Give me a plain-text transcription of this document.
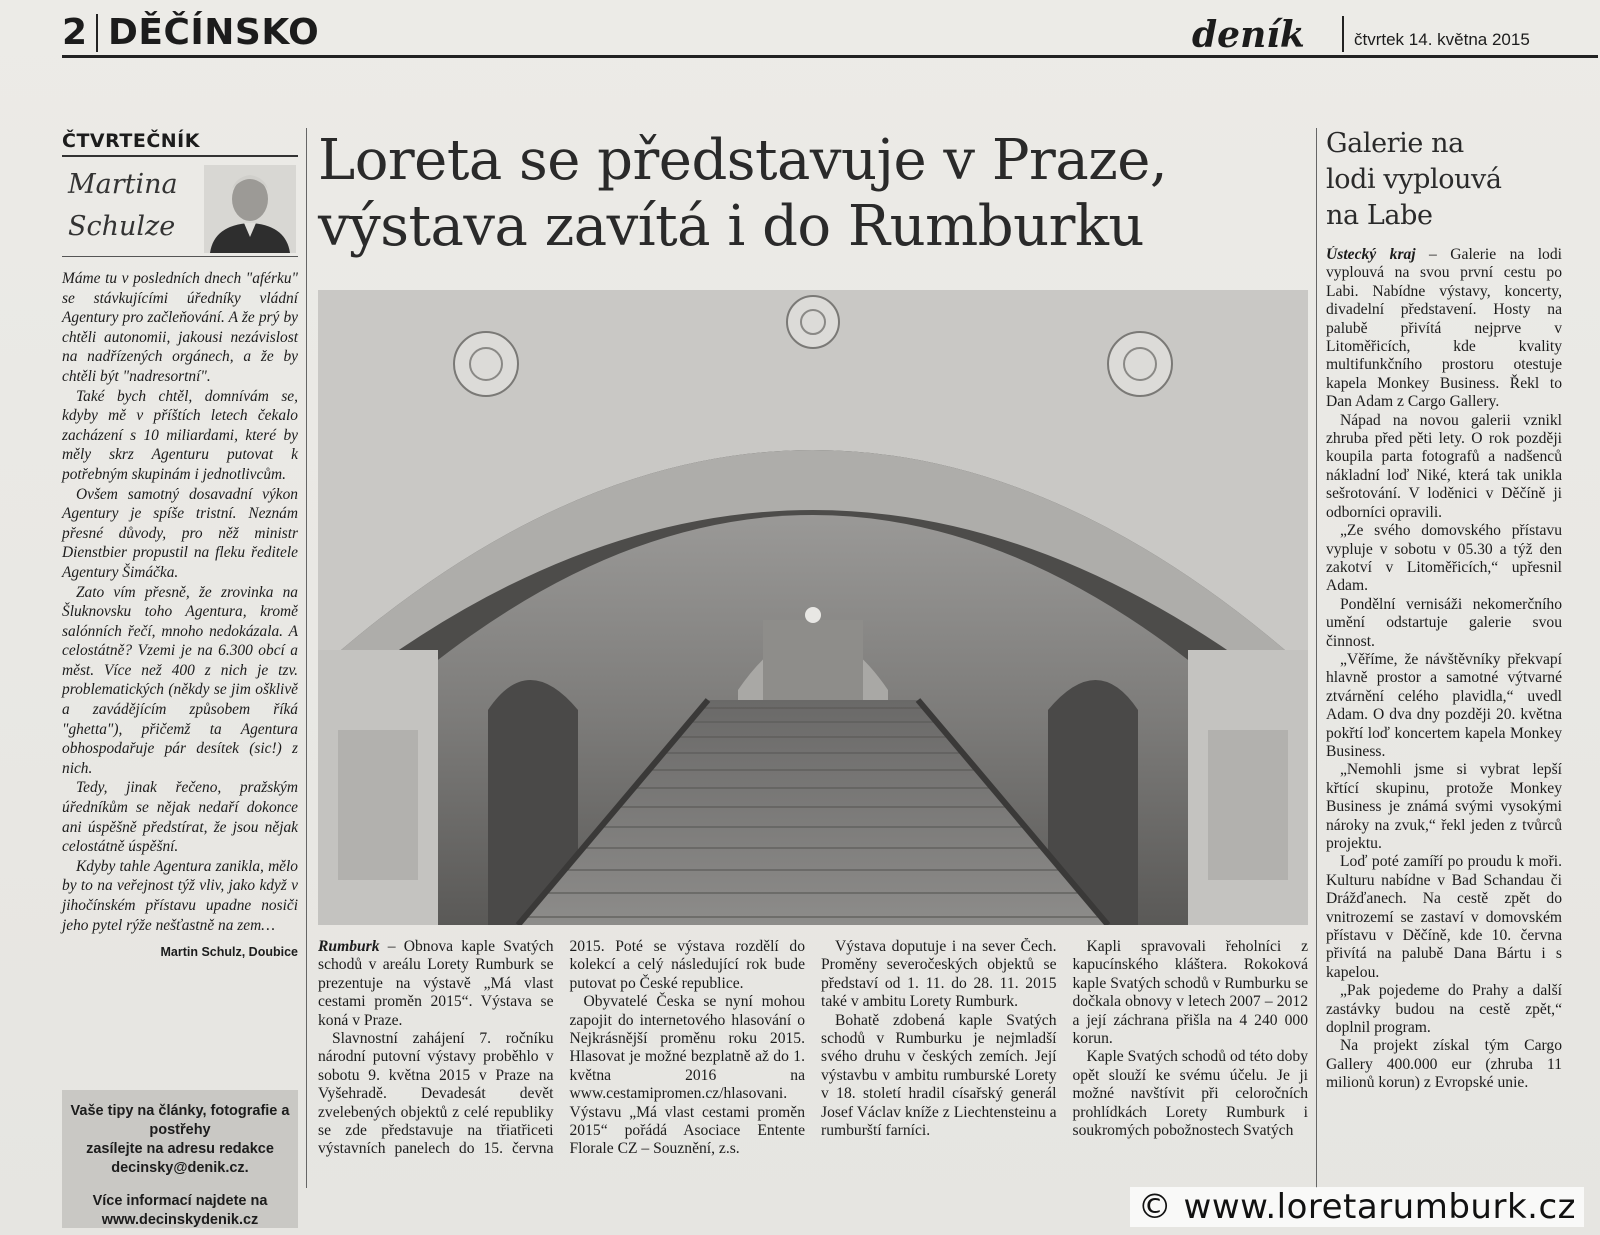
2 DĚČÍNSKO	deník	čtvrtek 14. května 2015
ČTVRTEČNÍK
Martina
Schulze

Máme tu v posledních dnech "aférku" se stávkujícími úředníky vládní Agentury pro začleňování. A že prý by chtěli autonomii, jakousi nezávislost na nadřízených orgánech, a že by chtěli být "nadresortní".

Také bych chtěl, domnívám se, kdyby mě v příštích letech čekalo zacházení s 10 miliardami, které by měly skrz Agenturu putovat k potřebným skupinám i jednotlivcům.

Ovšem samotný dosavadní výkon Agentury je spíše tristní. Neznám přesné důvody, pro něž ministr Dienstbier propustil na fleku ředitele Agentury Šimáčka.

Zato vím přesně, že zrovinka na Šluknovsku toho Agentura, kromě salónních řečí, mnoho nedokázala. A celostátně? Vzemi je na 6.300 obcí a měst. Více než 400 z nich je tzv. problematických (někdy se jim ošklivě a zavádějícím způsobem říká "ghetta"), přičemž ta Agentura obhospodařuje pár desítek (sic!) z nich.

Tedy, jinak řečeno, pražským úředníkům se nějak nedaří dokonce ani úspěšně předstírat, že jsou nějak celostátně úspěšní.

Kdyby tahle Agentura zanikla, mělo by to na veřejnost týž vliv, jako když v jihočínském přístavu upadne nosiči jeho pytel rýže nešťastně na zem…

Martin Schulz, Doubice
Vaše tipy na články, fotografie a postřehy
zasílejte na adresu redakce
decinsky@denik.cz.
Více informací najdete na
www.decinskydenik.cz
Loreta se představuje v Praze,
výstava zavítá i do Rumburku

Rumburk – Obnova kaple Svatých schodů v areálu Lorety Rumburk se prezentuje na výstavě „Má vlast cestami proměn 2015“. Výstava se koná v Praze.

Slavnostní zahájení 7. ročníku národní putovní výstavy proběhlo v sobotu 9. května 2015 v Praze na Vyšehradě. Devadesát devět zvelebených objektů z celé republiky se zde představuje na třiatřiceti výstavních panelech do 15. června 2015. Poté se výstava rozdělí do kolekcí a celý následující rok bude putovat po České republice.

Obyvatelé Česka se nyní mohou zapojit do internetového hlasování o Nejkrásnější proměnu roku 2015. Hlasovat je možné bezplatně až do 1. května 2016 na www.cestamipromen.cz/hlasovani. Výstavu „Má vlast cestami proměn 2015“ pořádá Asociace Entente Florale CZ – Souznění, z.s.

Výstava doputuje i na sever Čech. Proměny severočeských objektů se představí od 1. 11. do 28. 11. 2015 také v ambitu Lorety Rumburk.

Bohatě zdobená kaple Svatých schodů v Rumburku je nejmladší svého druhu v českých zemích. Její výstavbu v ambitu rumburské Lorety v 18. století hradil císařský generál Josef Václav kníže z Liechtensteinu a rumburští farníci.

Kapli spravovali řeholníci z kapucínského kláštera. Rokoková kaple Svatých schodů v Rumburku se dočkala obnovy v letech 2007 – 2012 a její záchrana přišla na 4 240 000 korun.

Kaple Svatých schodů od této doby opět slouží ke svému účelu. Je ji možné navštívit při celoročních prohlídkách Lorety Rumburk i soukromých pobožnostech Svatých

Galerie na
lodi vyplouvá
na Labe

Ústecký kraj – Galerie na lodi vyplouvá na svou první cestu po Labi. Nabídne výstavy, koncerty, divadelní představení. Hosty na palubě přivítá nejprve v Litoměřicích, kde kvality multifunkčního prostoru otestuje kapela Monkey Business. Řekl to Dan Adam z Cargo Gallery.

Nápad na novou galerii vznikl zhruba před pěti lety. O rok později koupila parta fotografů a nadšenců nákladní loď Niké, která tak unikla sešrotování. V loděnici v Děčíně ji odborníci opravili.

„Ze svého domovského přístavu vypluje v sobotu v 05.30 a týž den zakotví v Litoměřicích,“ upřesnil Adam.

Pondělní vernisáži nekomerčního umění odstartuje galerie svou činnost.

„Věříme, že návštěvníky překvapí hlavně prostor a samotné výtvarné ztvárnění celého plavidla,“ uvedl Adam. O dva dny později 20. května pokřtí loď koncertem kapela Monkey Business.

„Nemohli jsme si vybrat lepší křtící skupinu, protože Monkey Business je známá svými vysokými nároky na zvuk,“ řekl jeden z tvůrců projektu.

Loď poté zamíří po proudu k moři. Kulturu nabídne v Bad Schandau či Drážďanech. Na cestě zpět do vnitrozemí se zastaví v domovském přístavu v Děčíně, kde 10. června přivítá na palubě Dana Bártu i s kapelou.

„Pak pojedeme do Prahy a další zastávky budou na cestě zpět,“ doplnil program.

Na projekt získal tým Cargo Gallery 400.000 eur (zhruba 11 milionů korun) z Evropské unie.

© www.loretarumburk.cz
